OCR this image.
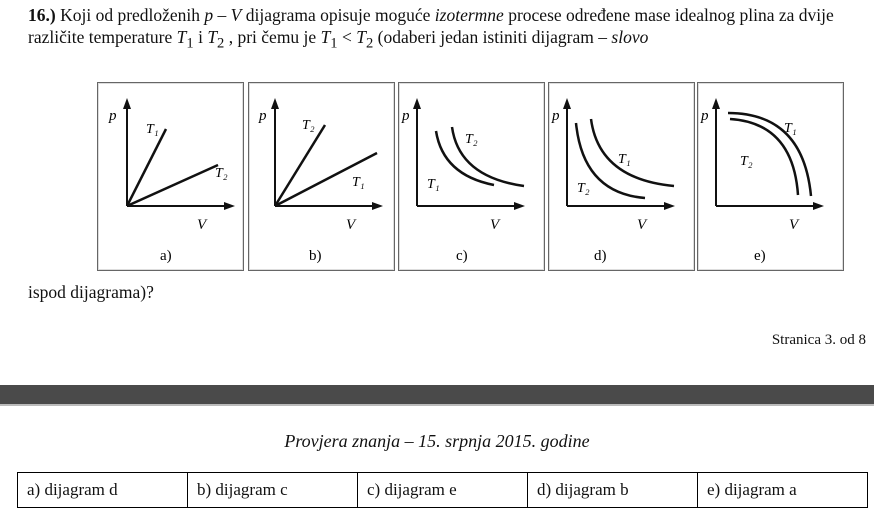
16.) Koji od predloženih p – V dijagrama opisuje moguće izotermne procese određene mase idealnog plina za dvije različite temperature $T_1$ i $T_2$ , pri čemu je $T_1 < T_2$ (odaberi jedan istiniti dijagram – slovo
p
V
T₁
T₂
a)
p
V
T₂
T₁
b)
p
V
T₂
T₁
c)
p
V
T₁
T₂
d)
p
V
T₁
T₂
e)
ispod dijagrama)?
Stranica 3. od 8
Provjera znanja – 15. srpnja 2015. godine
a) dijagram d	b) dijagram c	c) dijagram e	d) dijagram b	e) dijagram a
